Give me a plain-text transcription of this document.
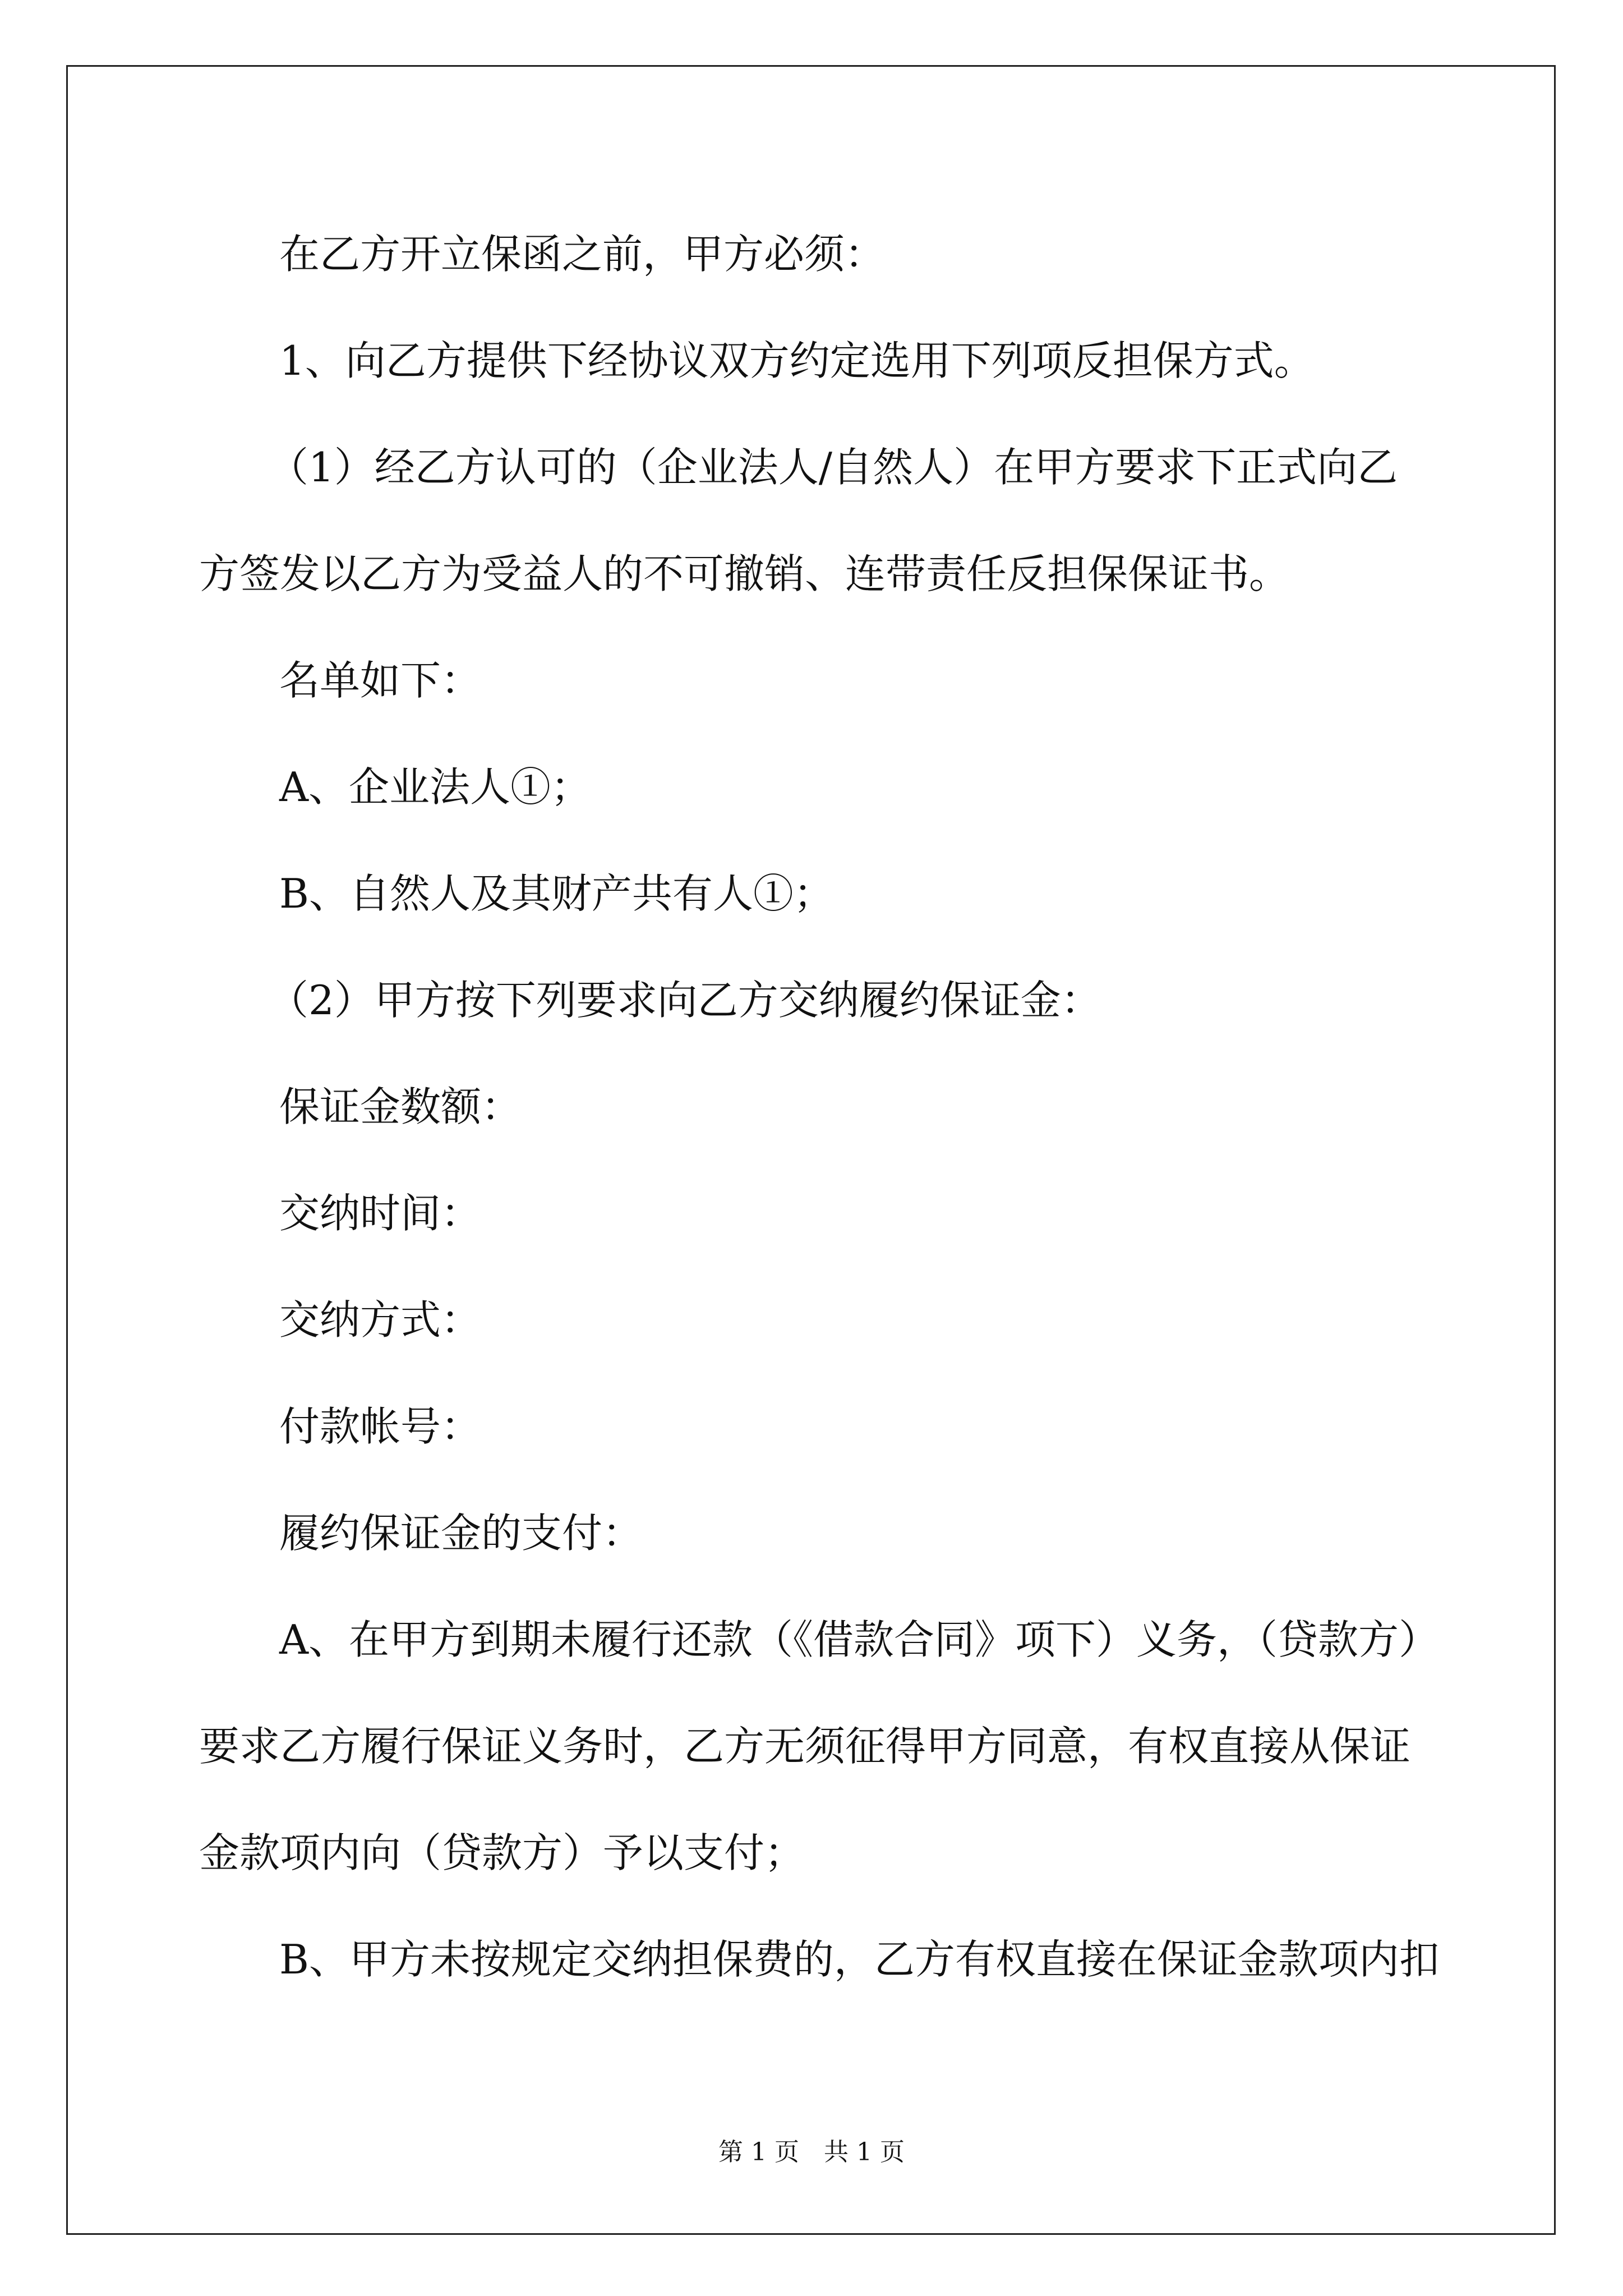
在乙方开立保函之前，甲方必须：

1、向乙方提供下经协议双方约定选用下列项反担保方式。

（1）经乙方认可的（企业法人/自然人）在甲方要求下正式向乙

方签发以乙方为受益人的不可撤销、连带责任反担保保证书。

名单如下：

A、企业法人①；

B、自然人及其财产共有人①；

（2）甲方按下列要求向乙方交纳履约保证金：

保证金数额：

交纳时间：

交纳方式：

付款帐号：

履约保证金的支付：

A、在甲方到期未履行还款（《借款合同》项下）义务，（贷款方）

要求乙方履行保证义务时，乙方无须征得甲方同意，有权直接从保证

金款项内向（贷款方）予以支付；

B、甲方未按规定交纳担保费的，乙方有权直接在保证金款项内扣

第 1 页　共 1 页
